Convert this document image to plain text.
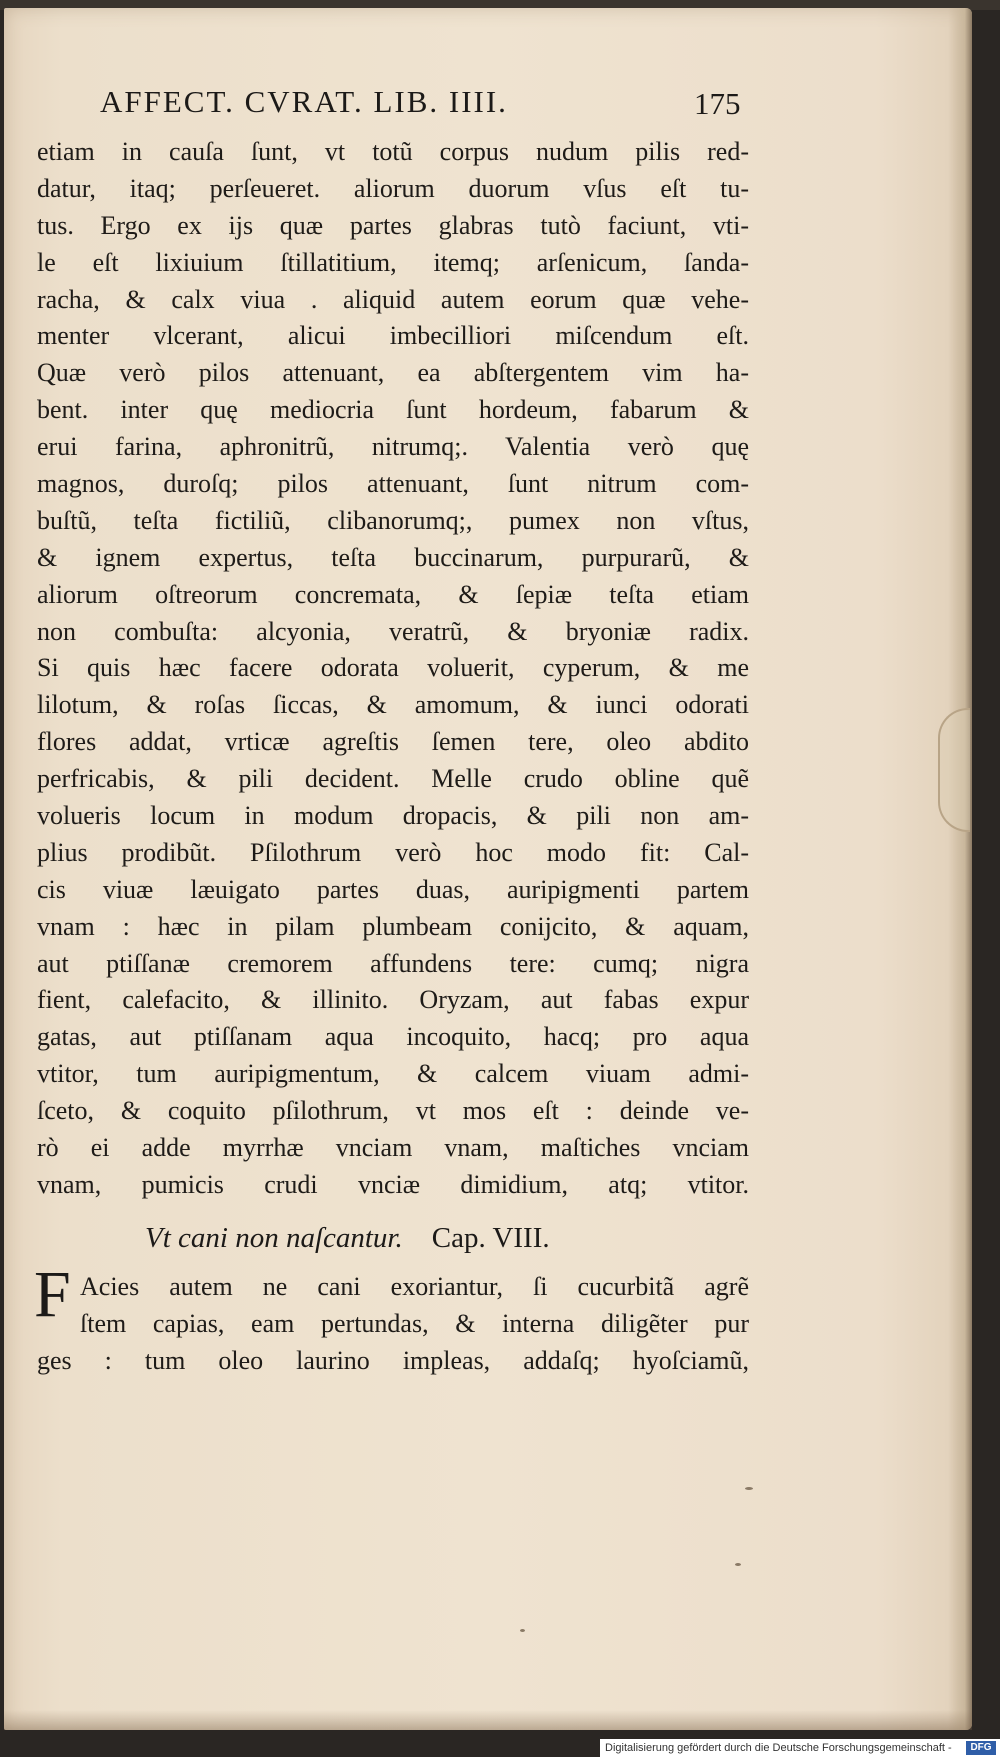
AFFECT. CVRAT. LIB. IIII.	175
etiam in cauſa ſunt, vt totũ corpus nudum pilis red-
datur, itaq; perſeueret. aliorum duorum vſus eſt tu-
tus. Ergo ex ijs quæ partes glabras tutò faciunt, vti-
le eſt lixiuium ſtillatitium, itemq; arſenicum, ſanda-
racha, & calx viua . aliquid autem eorum quæ vehe-
menter vlcerant, alicui imbecilliori miſcendum eſt.
Quæ verò pilos attenuant, ea abſtergentem vim ha-
bent. inter quę mediocria ſunt hordeum, fabarum &
erui farina, aphronitrũ, nitrumq;. Valentia verò quę
magnos, duroſq; pilos attenuant, ſunt nitrum com-
buſtũ, teſta fictiliũ, clibanorumq;, pumex non vſtus,
& ignem expertus, teſta buccinarum, purpurarũ, &
aliorum oſtreorum concremata, & ſepiæ teſta etiam
non combuſta: alcyonia, veratrũ, & bryoniæ radix.
Si quis hæc facere odorata voluerit, cyperum, & me
lilotum, & roſas ſiccas, & amomum, & iunci odorati
flores addat, vrticæ agreſtis ſemen tere, oleo abdito
perfricabis, & pili decident. Melle crudo obline quẽ
volueris locum in modum dropacis, & pili non am-
plius prodibũt. Pſilothrum verò hoc modo fit: Cal-
cis viuæ læuigato partes duas, auripigmenti partem
vnam : hæc in pilam plumbeam conijcito, & aquam,
aut ptiſſanæ cremorem affundens tere: cumq; nigra
fient, calefacito, & illinito. Oryzam, aut fabas expur
gatas, aut ptiſſanam aqua incoquito, hacq; pro aqua
vtitor, tum auripigmentum, & calcem viuam admi-
ſceto, & coquito pſilothrum, vt mos eſt : deinde ve-
rò ei adde myrrhæ vnciam vnam, maſtiches vnciam
vnam, pumicis crudi vnciæ dimidium, atq; vtitor.
Vt cani non naſcantur. Cap. VIII.
F Acies autem ne cani exoriantur, ſi cucurbitã agrẽ
ſtem capias, eam pertundas, & interna diligẽter pur
ges : tum oleo laurino impleas, addaſq; hyoſciamũ,
Digitalisierung gefördert durch die Deutsche Forschungsgemeinschaft -	DFG
